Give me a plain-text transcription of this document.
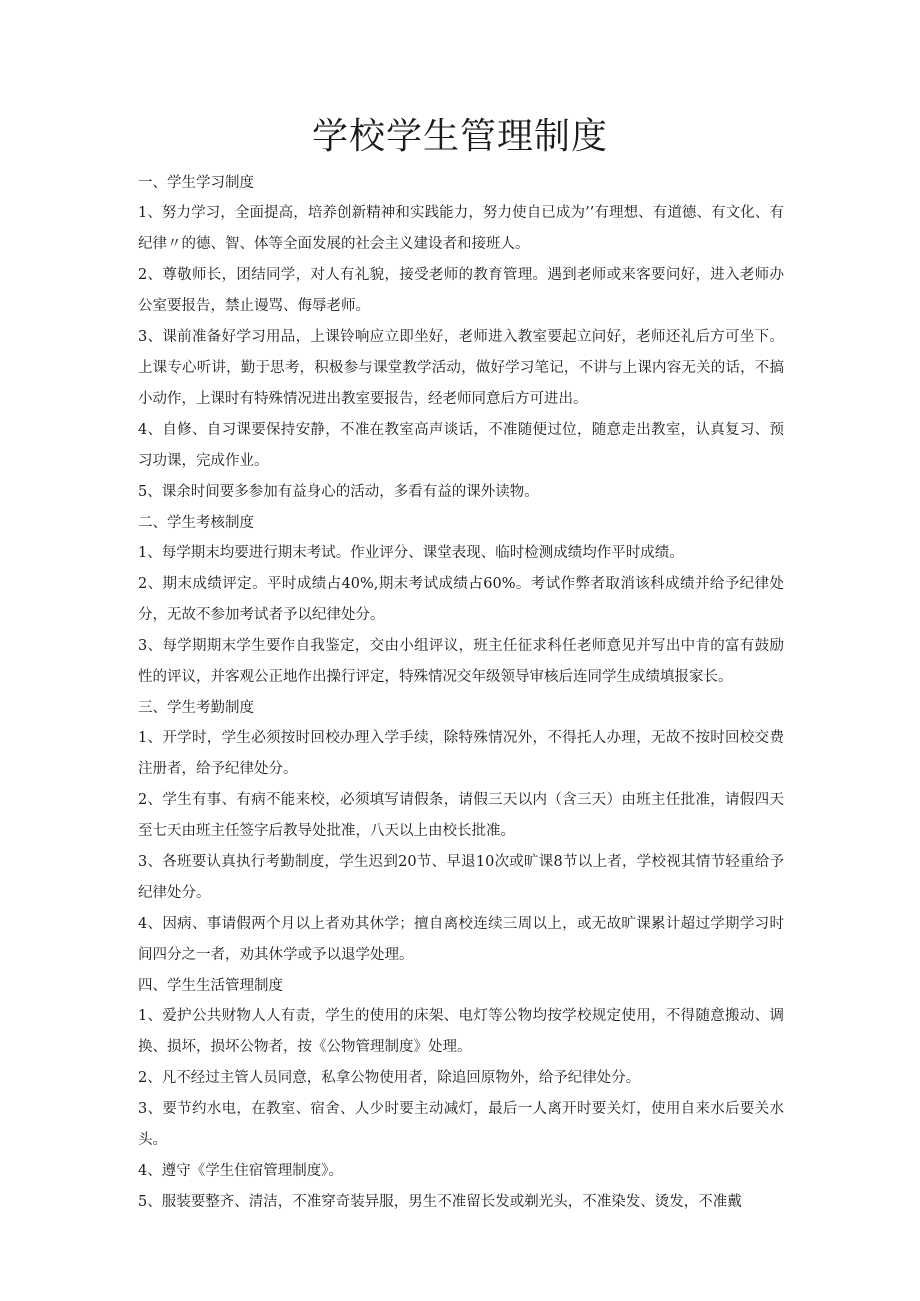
学校学生管理制度
一、学生学习制度
1、努力学习，全面提高，培养创新精神和实践能力，努力使自已成为’’有理想、有道德、有文化、有纪律〃的德、智、体等全面发展的社会主义建设者和接班人。
2、尊敬师长，团结同学，对人有礼貌，接受老师的教育管理。遇到老师或来客要问好，进入老师办公室要报告，禁止谩骂、侮辱老师。
3、课前准备好学习用品，上课铃响应立即坐好，老师进入教室要起立问好，老师还礼后方可坐下。上课专心听讲，勤于思考，积极参与课堂教学活动，做好学习笔记，不讲与上课内容无关的话，不搞小动作，上课时有特殊情况进出教室要报告，经老师同意后方可进出。
4、自修、自习课要保持安静，不准在教室高声谈话，不准随便过位，随意走出教室，认真复习、预习功课，完成作业。
5、课余时间要多参加有益身心的活动，多看有益的课外读物。
二、学生考核制度
1、每学期末均要进行期末考试。作业评分、课堂表现、临时检测成绩均作平时成绩。
2、期末成绩评定。平时成绩占40%,期末考试成绩占60%。考试作弊者取消该科成绩并给予纪律处分，无故不参加考试者予以纪律处分。
3、每学期期末学生要作自我鉴定，交由小组评议，班主任征求科任老师意见并写出中肯的富有鼓励性的评议，并客观公正地作出操行评定，特殊情况交年级领导审核后连同学生成绩填报家长。
三、学生考勤制度
1、开学时，学生必须按时回校办理入学手续，除特殊情况外，不得托人办理，无故不按时回校交费注册者，给予纪律处分。
2、学生有事、有病不能来校，必须填写请假条，请假三天以内（含三天）由班主任批准，请假四天至七天由班主任签字后教导处批准，八天以上由校长批准。
3、各班要认真执行考勤制度，学生迟到20节、早退10次或旷课8节以上者，学校视其情节轻重给予纪律处分。
4、因病、事请假两个月以上者劝其休学；擅自离校连续三周以上，或无故旷课累计超过学期学习时间四分之一者，劝其休学或予以退学处理。
四、学生生活管理制度
1、爱护公共财物人人有责，学生的使用的床架、电灯等公物均按学校规定使用，不得随意搬动、调换、损坏，损坏公物者，按《公物管理制度》处理。
2、凡不经过主管人员同意，私拿公物使用者，除追回原物外，给予纪律处分。
3、要节约水电，在教室、宿舍、人少时要主动减灯，最后一人离开时要关灯，使用自来水后要关水头。
4、遵守《学生住宿管理制度》。
5、服装要整齐、清洁，不准穿奇装异服，男生不准留长发或剃光头，不准染发、烫发，不准戴
